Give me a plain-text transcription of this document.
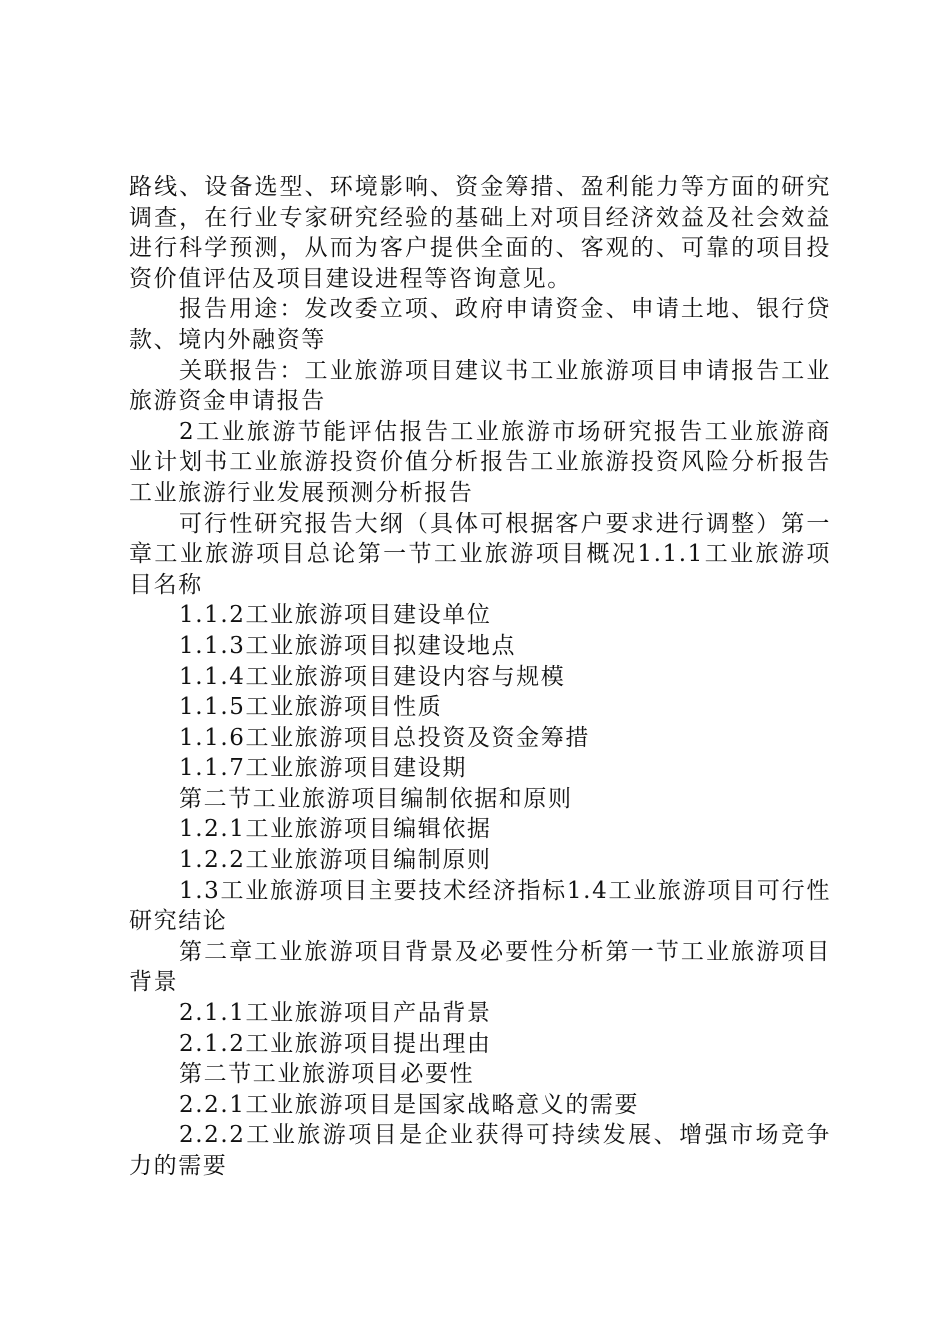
路线、设备选型、环境影响、资金筹措、盈利能力等方面的研究调查，在行业专家研究经验的基础上对项目经济效益及社会效益进行科学预测，从而为客户提供全面的、客观的、可靠的项目投资价值评估及项目建设进程等咨询意见。

报告用途：发改委立项、政府申请资金、申请土地、银行贷款、境内外融资等

关联报告：工业旅游项目建议书工业旅游项目申请报告工业旅游资金申请报告

2工业旅游节能评估报告工业旅游市场研究报告工业旅游商业计划书工业旅游投资价值分析报告工业旅游投资风险分析报告工业旅游行业发展预测分析报告

可行性研究报告大纲（具体可根据客户要求进行调整）第一章工业旅游项目总论第一节工业旅游项目概况1.1.1工业旅游项目名称

1.1.2工业旅游项目建设单位

1.1.3工业旅游项目拟建设地点

1.1.4工业旅游项目建设内容与规模

1.1.5工业旅游项目性质

1.1.6工业旅游项目总投资及资金筹措

1.1.7工业旅游项目建设期

第二节工业旅游项目编制依据和原则

1.2.1工业旅游项目编辑依据

1.2.2工业旅游项目编制原则

1.3工业旅游项目主要技术经济指标1.4工业旅游项目可行性研究结论

第二章工业旅游项目背景及必要性分析第一节工业旅游项目背景

2.1.1工业旅游项目产品背景

2.1.2工业旅游项目提出理由

第二节工业旅游项目必要性

2.2.1工业旅游项目是国家战略意义的需要

2.2.2工业旅游项目是企业获得可持续发展、增强市场竞争力的需要
